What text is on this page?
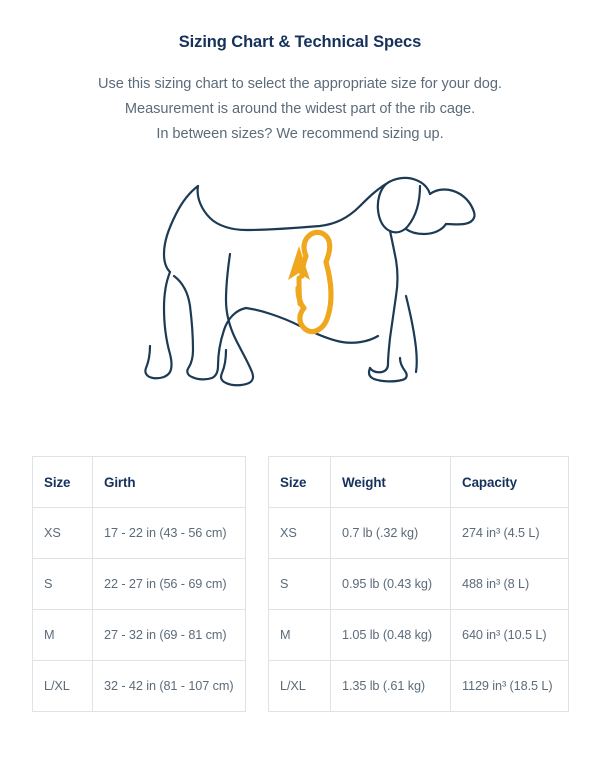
Sizing Chart & Technical Specs
Use this sizing chart to select the appropriate size for your dog.
Measurement is around the widest part of the rib cage.
In between sizes? We recommend sizing up.
Size	Girth
XS	17 - 22 in (43 - 56 cm)
S	22 - 27 in (56 - 69 cm)
M	27 - 32 in (69 - 81 cm)
L/XL	32 - 42 in (81 - 107 cm)
Size	Weight	Capacity
XS	0.7 lb (.32 kg)	274 in³ (4.5 L)
S	0.95 lb (0.43 kg)	488 in³ (8 L)
M	1.05 lb (0.48 kg)	640 in³ (10.5 L)
L/XL	1.35 lb (.61 kg)	1129 in³ (18.5 L)
